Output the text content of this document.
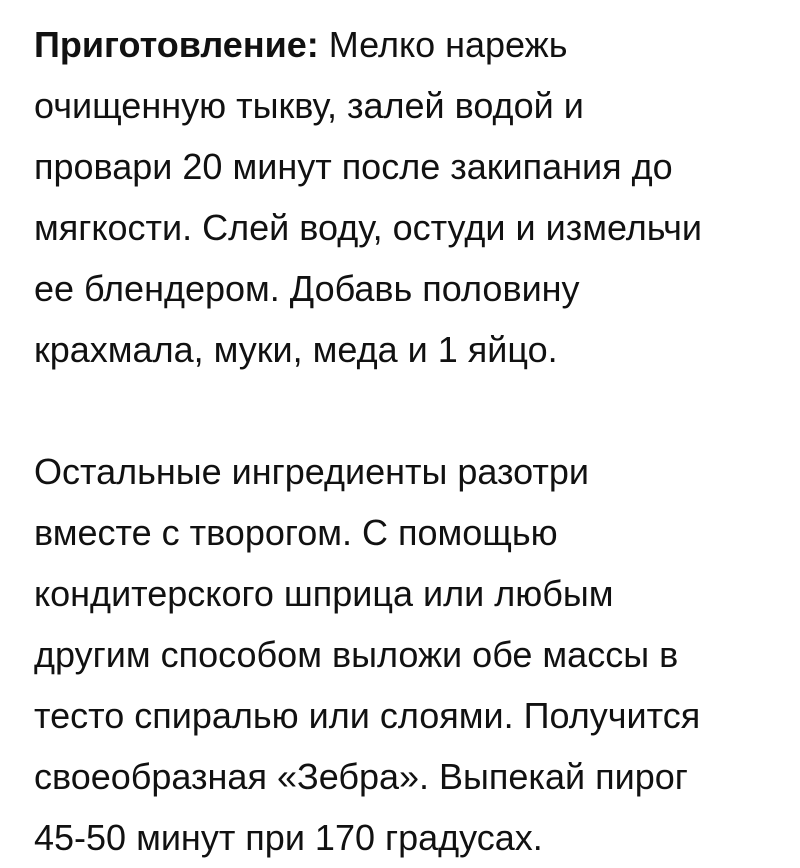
Приготовление: Мелко нарежь
очищенную тыкву, залей водой и
провари 20 минут после закипания до
мягкости. Слей воду, остуди и измельчи
ее блендером. Добавь половину
крахмала, муки, меда и 1 яйцо.

Остальные ингредиенты разотри
вместе с творогом. С помощью
кондитерского шприца или любым
другим способом выложи обе массы в
тесто спиралью или слоями. Получится
своеобразная «Зебра». Выпекай пирог
45-50 минут при 170 градусах.
